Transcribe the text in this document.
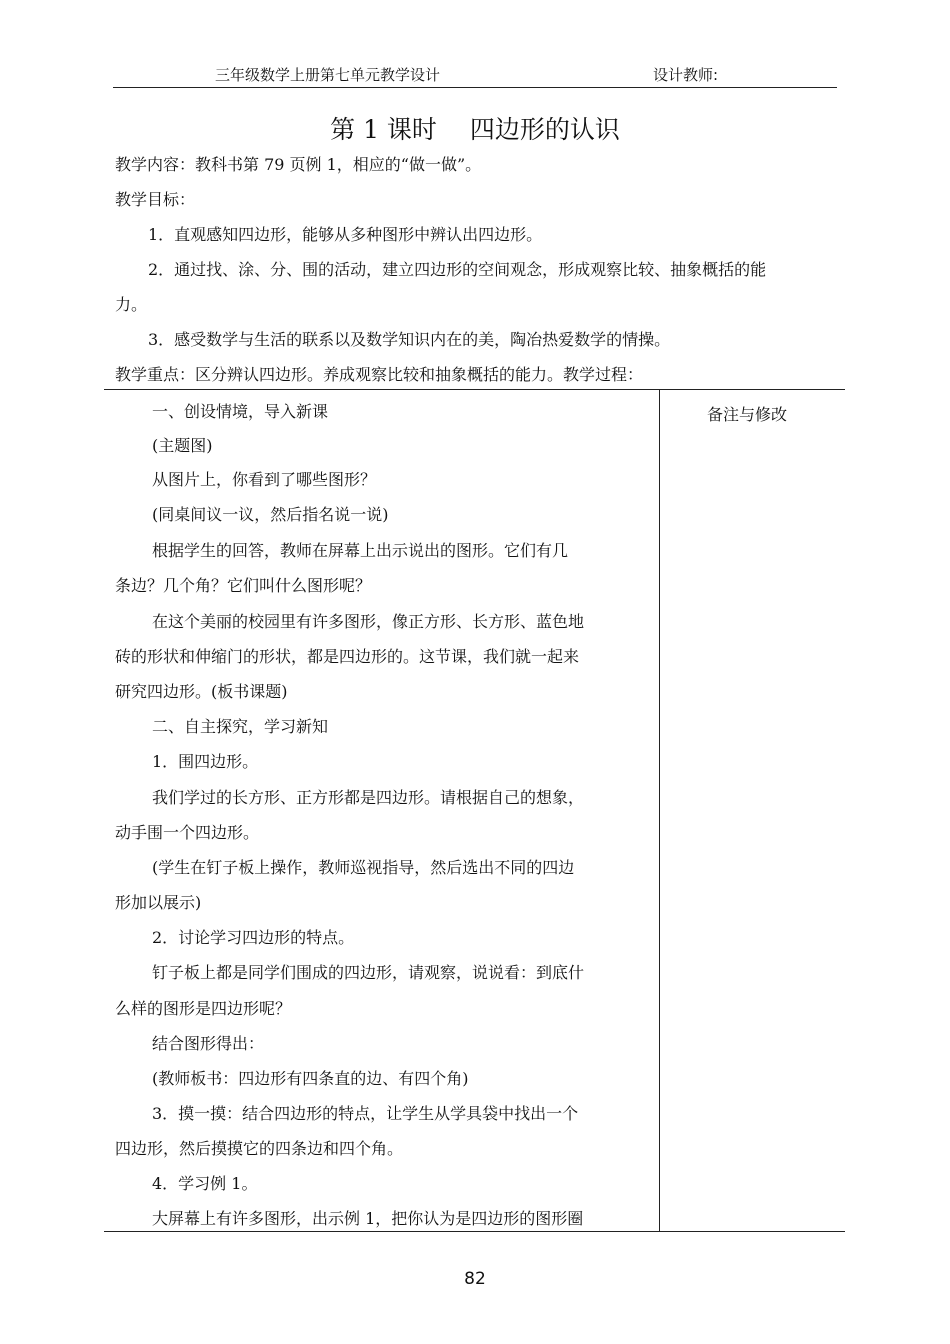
三年级数学上册第七单元教学设计	设计教师:
第 1 课时　 四边形的认识
教学内容：教科书第 79 页例 1，相应的“做一做”。
教学目标：
1．直观感知四边形，能够从多种图形中辨认出四边形。
2．通过找、涂、分、围的活动，建立四边形的空间观念，形成观察比较、抽象概括的能
力。
3．感受数学与生活的联系以及数学知识内在的美，陶冶热爱数学的情操。
教学重点：区分辨认四边形。养成观察比较和抽象概括的能力。教学过程：
备注与修改
一、创设情境，导入新课
(主题图)
从图片上，你看到了哪些图形？
(同桌间议一议，然后指名说一说)
根据学生的回答，教师在屏幕上出示说出的图形。它们有几
条边？几个角？它们叫什么图形呢？
在这个美丽的校园里有许多图形，像正方形、长方形、蓝色地
砖的形状和伸缩门的形状，都是四边形的。这节课，我们就一起来
研究四边形。(板书课题)
二、自主探究，学习新知
1．围四边形。
我们学过的长方形、正方形都是四边形。请根据自己的想象，
动手围一个四边形。
(学生在钉子板上操作，教师巡视指导，然后选出不同的四边
形加以展示)
2．讨论学习四边形的特点。
钉子板上都是同学们围成的四边形，请观察，说说看：到底什
么样的图形是四边形呢？
结合图形得出：
(教师板书：四边形有四条直的边、有四个角)
3．摸一摸：结合四边形的特点，让学生从学具袋中找出一个
四边形，然后摸摸它的四条边和四个角。
4．学习例 1。
大屏幕上有许多图形，出示例 1，把你认为是四边形的图形圈
82
